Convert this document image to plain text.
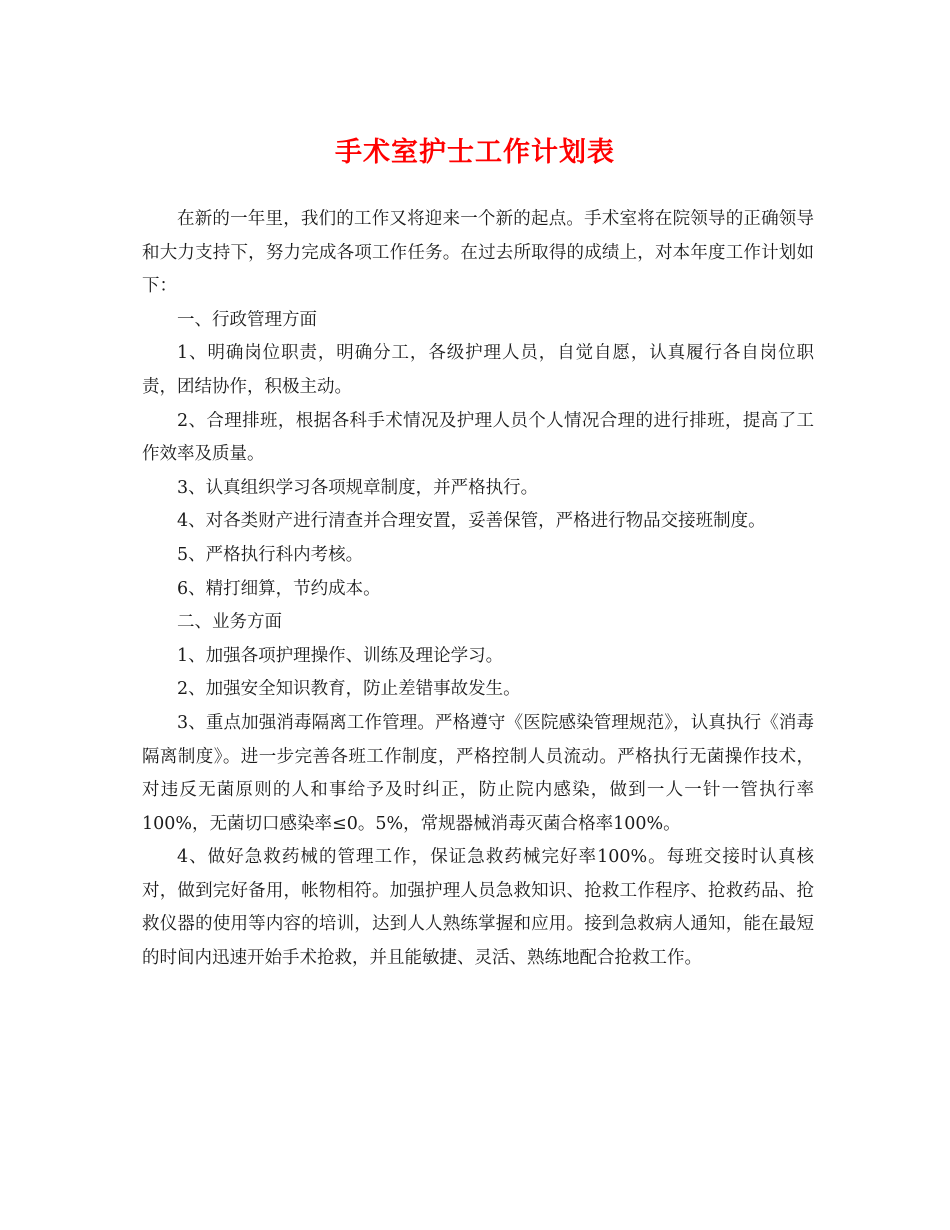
手术室护士工作计划表

在新的一年里，我们的工作又将迎来一个新的起点。手术室将在院领导的正确领导和大力支持下，努力完成各项工作任务。在过去所取得的成绩上，对本年度工作计划如下：

一、行政管理方面

1、明确岗位职责，明确分工，各级护理人员，自觉自愿，认真履行各自岗位职责，团结协作，积极主动。

2、合理排班，根据各科手术情况及护理人员个人情况合理的进行排班，提高了工作效率及质量。

3、认真组织学习各项规章制度，并严格执行。

4、对各类财产进行清查并合理安置，妥善保管，严格进行物品交接班制度。

5、严格执行科内考核。

6、精打细算，节约成本。

二、业务方面

1、加强各项护理操作、训练及理论学习。

2、加强安全知识教育，防止差错事故发生。

3、重点加强消毒隔离工作管理。严格遵守《医院感染管理规范》，认真执行《消毒隔离制度》。进一步完善各班工作制度，严格控制人员流动。严格执行无菌操作技术，对违反无菌原则的人和事给予及时纠正，防止院内感染，做到一人一针一管执行率100%，无菌切口感染率≤0。5%，常规器械消毒灭菌合格率100%。

4、做好急救药械的管理工作，保证急救药械完好率100%。每班交接时认真核对，做到完好备用，帐物相符。加强护理人员急救知识、抢救工作程序、抢救药品、抢救仪器的使用等内容的培训，达到人人熟练掌握和应用。接到急救病人通知，能在最短的时间内迅速开始手术抢救，并且能敏捷、灵活、熟练地配合抢救工作。
